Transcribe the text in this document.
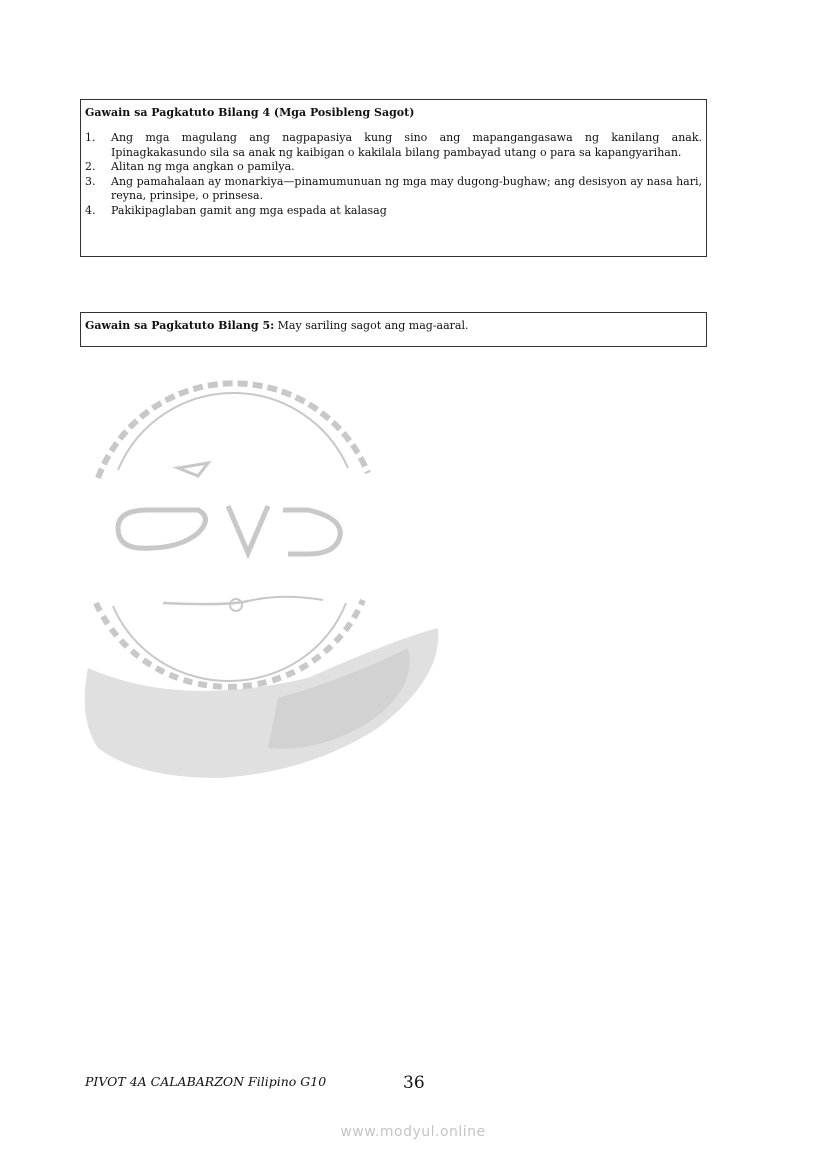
Gawain sa Pagkatuto Bilang 4 (Mga Posibleng Sagot)
1.	Ang mga magulang ang nagpapasiya kung sino ang mapangangasawa ng kanilang anak. Ipinagkakasundo sila sa anak ng kaibigan o kakilala bilang pambayad utang o para sa kapangyarihan.
2.	Alitan ng mga angkan o pamilya.
3.	Ang pamahalaan ay monarkiya—pinamumunuan ng mga may dugong-bughaw; ang desisyon ay nasa hari, reyna, prinsipe, o prinsesa.
4.	Pakikipaglaban gamit ang mga espada at kalasag
Gawain sa Pagkatuto Bilang 5: May sariling sagot ang mag-aaral.
PIVOT 4A CALABARZON Filipino G10	36
www.modyul.online
